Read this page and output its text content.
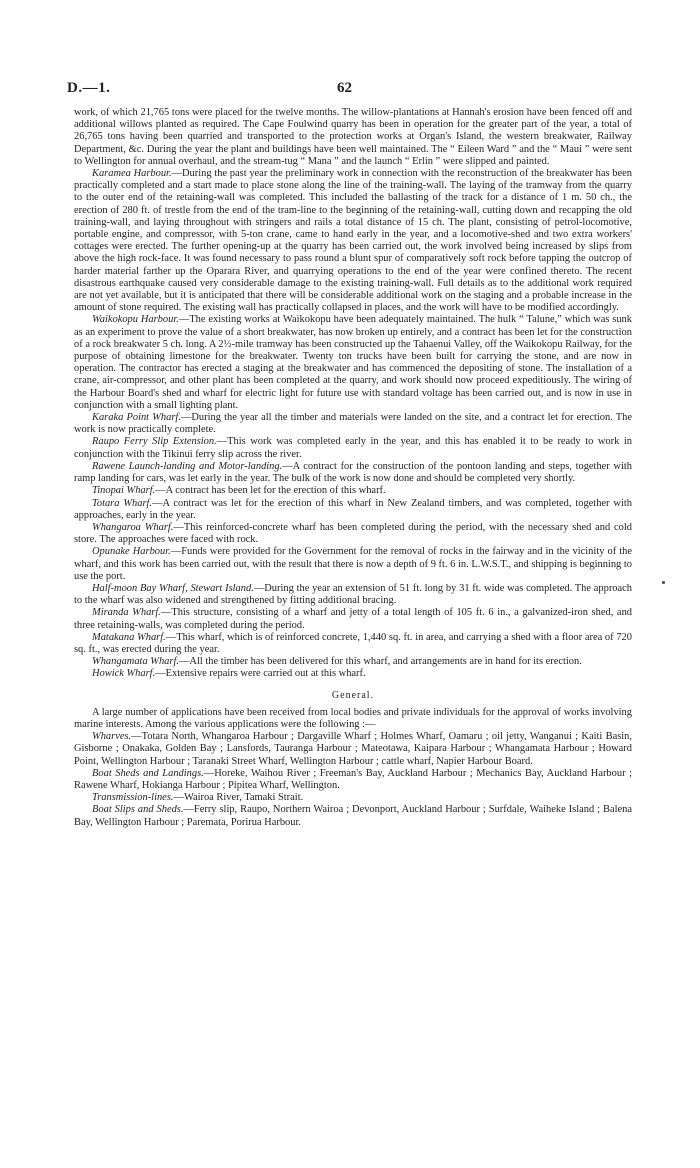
D.—1.	62

work, of which 21,765 tons were placed for the twelve months. The willow-plantations at Hannah's erosion have been fenced off and additional willows planted as required. The Cape Foulwind quarry has been in operation for the greater part of the year, a total of 26,765 tons having been quarried and transported to the protection works at Organ's Island, the western breakwater, Railway Department, &c. During the year the plant and buildings have been well maintained. The “ Eileen Ward ” and the “ Maui ” were sent to Wellington for annual overhaul, and the stream-tug “ Mana ” and the launch “ Erlin ” were slipped and painted.

Karamea Harbour.—During the past year the preliminary work in connection with the reconstruction of the breakwater has been practically completed and a start made to place stone along the line of the training-wall. The laying of the tramway from the quarry to the outer end of the retaining-wall was completed. This included the ballasting of the track for a distance of 1 m. 50 ch., the erection of 280 ft. of trestle from the end of the tram-line to the beginning of the retaining-wall, cutting down and recapping the old training-wall, and laying throughout with stringers and rails a total distance of 15 ch. The plant, consisting of petrol-locomotive, portable engine, and compressor, with 5-ton crane, came to hand early in the year, and a locomotive-shed and two extra workers' cottages were erected. The further opening-up at the quarry has been carried out, the work involved being increased by slips from above the high rock-face. It was found necessary to pass round a blunt spur of comparatively soft rock before tapping the outcrop of harder material farther up the Oparara River, and quarrying operations to the end of the year were confined thereto. The recent disastrous earthquake caused very considerable damage to the existing training-wall. Full details as to the additional work required are not yet available, but it is anticipated that there will be considerable additional work on the staging and a probable increase in the amount of stone required. The existing wall has practically collapsed in places, and the work will have to be modified accordingly.

Waikokopu Harbour.—The existing works at Waikokopu have been adequately maintained. The hulk “ Talune,” which was sunk as an experiment to prove the value of a short breakwater, has now broken up entirely, and a contract has been let for the construction of a rock breakwater 5 ch. long. A 2½-mile tramway has been constructed up the Tahaenui Valley, off the Waikokopu Railway, for the purpose of obtaining limestone for the breakwater. Twenty ton trucks have been built for carrying the stone, and are now in operation. The contractor has erected a staging at the breakwater and has commenced the depositing of stone. The installation of a crane, air-compressor, and other plant has been completed at the quarry, and work should now proceed expeditiously. The wiring of the Harbour Board's shed and wharf for electric light for future use with standard voltage has been carried out, and is now in use in conjunction with a small lighting plant.

Karaka Point Wharf.—During the year all the timber and materials were landed on the site, and a contract let for erection. The work is now practically complete.

Raupo Ferry Slip Extension.—This work was completed early in the year, and this has enabled it to be ready to work in conjunction with the Tikinui ferry slip across the river.

Rawene Launch-landing and Motor-landing.—A contract for the construction of the pontoon landing and steps, together with ramp landing for cars, was let early in the year. The bulk of the work is now done and should be completed very shortly.

Tinopai Wharf.—A contract has been let for the erection of this wharf.

Totara Wharf.—A contract was let for the erection of this wharf in New Zealand timbers, and was completed, together with approaches, early in the year.

Whangaroa Wharf.—This reinforced-concrete wharf has been completed during the period, with the necessary shed and cold store. The approaches were faced with rock.

Opunake Harbour.—Funds were provided for the Government for the removal of rocks in the fairway and in the vicinity of the wharf, and this work has been carried out, with the result that there is now a depth of 9 ft. 6 in. L.W.S.T., and shipping is beginning to use the port.

Half-moon Bay Wharf, Stewart Island.—During the year an extension of 51 ft. long by 31 ft. wide was completed. The approach to the wharf was also widened and strengthened by fitting additional bracing.

Miranda Wharf.—This structure, consisting of a wharf and jetty of a total length of 105 ft. 6 in., a galvanized-iron shed, and three retaining-walls, was completed during the period.

Matakana Wharf.—This wharf, which is of reinforced concrete, 1,440 sq. ft. in area, and carrying a shed with a floor area of 720 sq. ft., was erected during the year.

Whangamata Wharf.—All the timber has been delivered for this wharf, and arrangements are in hand for its erection.

Howick Wharf.—Extensive repairs were carried out at this wharf.

General.

A large number of applications have been received from local bodies and private individuals for the approval of works involving marine interests. Among the various applications were the following :—

Wharves.—Totara North, Whangaroa Harbour ; Dargaville Wharf ; Holmes Wharf, Oamaru ; oil jetty, Wanganui ; Kaiti Basin, Gisborne ; Onakaka, Golden Bay ; Lansfords, Tauranga Harbour ; Mateotawa, Kaipara Harbour ; Whangamata Harbour ; Howard Point, Wellington Harbour ; Taranaki Street Wharf, Wellington Harbour ; cattle wharf, Napier Harbour Board.

Boat Sheds and Landings.—Horeke, Waihou River ; Freeman's Bay, Auckland Harbour ; Mechanics Bay, Auckland Harbour ; Rawene Wharf, Hokianga Harbour ; Pipitea Wharf, Wellington.

Transmission-lines.—Wairoa River, Tamaki Strait.

Boat Slips and Sheds.—Ferry slip, Raupo, Northern Wairoa ; Devonport, Auckland Harbour ; Surfdale, Waiheke Island ; Balena Bay, Wellington Harbour ; Paremata, Porirua Harbour.
